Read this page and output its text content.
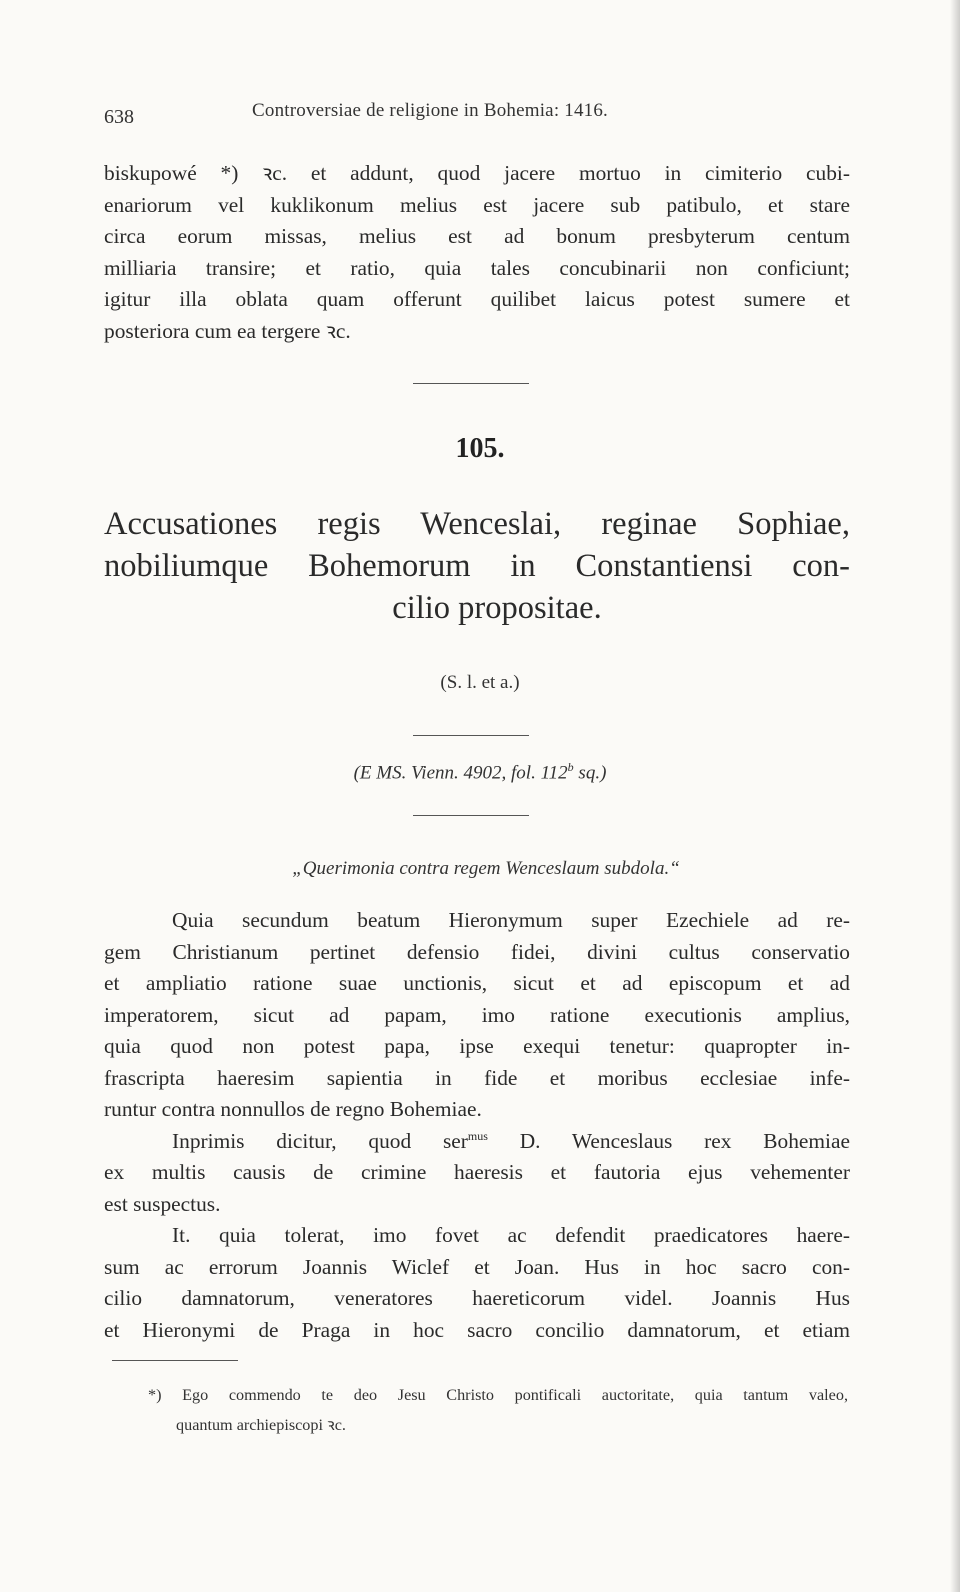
638	Controversiae de religione in Bohemia: 1416.
biskupowé *) ꝛc. et addunt, quod jacere mortuo in cimiterio cubi-
enariorum vel kuklikonum melius est jacere sub patibulo, et stare
circa eorum missas, melius est ad bonum presbyterum centum
milliaria transire; et ratio, quia tales concubinarii non conficiunt;
igitur illa oblata quam offerunt quilibet laicus potest sumere et
posteriora cum ea tergere ꝛc.
105.
Accusationes regis Wenceslai, reginae Sophiae,
nobiliumque Bohemorum in Constantiensi con-
cilio propositae.
(S. l. et a.)
(E MS. Vienn. 4902, fol. 112$^b$ sq.)
„Querimonia contra regem Wenceslaum subdola.“
Quia secundum beatum Hieronymum super Ezechiele ad re-
gem Christianum pertinet defensio fidei, divini cultus conservatio
et ampliatio ratione suae unctionis, sicut et ad episcopum et ad
imperatorem, sicut ad papam, imo ratione executionis amplius,
quia quod non potest papa, ipse exequi tenetur: quapropter in-
frascripta haeresim sapientia in fide et moribus ecclesiae infe-
runtur contra nonnullos de regno Bohemiae.
Inprimis dicitur, quod ser$^{mus}$ D. Wenceslaus rex Bohemiae
ex multis causis de crimine haeresis et fautoria ejus vehementer
est suspectus.
It. quia tolerat, imo fovet ac defendit praedicatores haere-
sum ac errorum Joannis Wiclef et Joan. Hus in hoc sacro con-
cilio damnatorum, veneratores haereticorum videl. Joannis Hus
et Hieronymi de Praga in hoc sacro concilio damnatorum, et etiam
*) Ego commendo te deo Jesu Christo pontificali auctoritate, quia tantum valeo,
quantum archiepiscopi ꝛc.
